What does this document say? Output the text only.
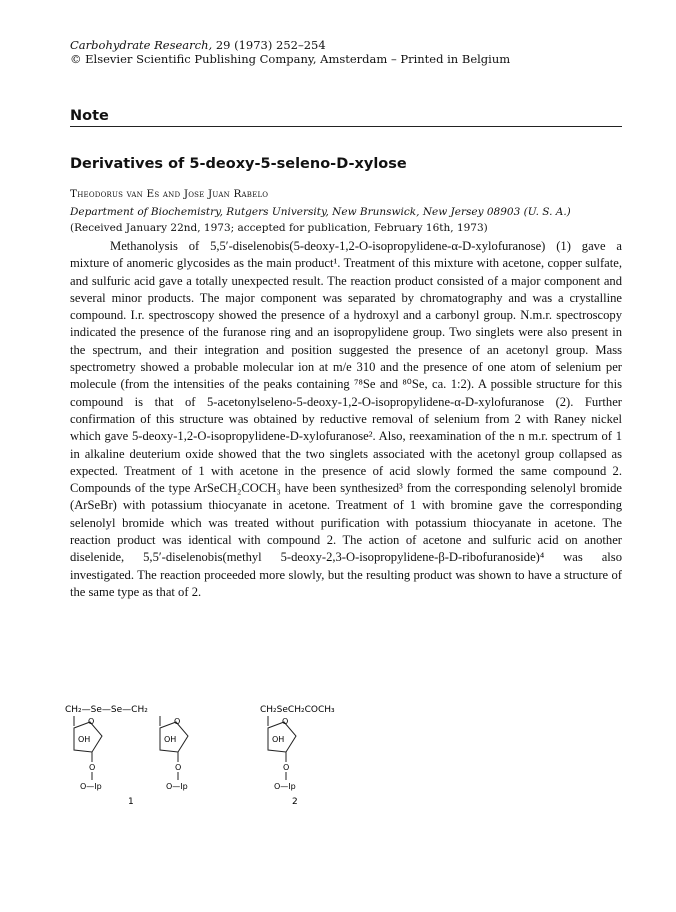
Carbohydrate Research, 29 (1973) 252–254
© Elsevier Scientific Publishing Company, Amsterdam – Printed in Belgium
Note
Derivatives of 5-deoxy-5-seleno-D-xylose
Theodorus van Es and Jose Juan Rabelo
Department of Biochemistry, Rutgers University, New Brunswick, New Jersey 08903 (U. S. A.)
(Received January 22nd, 1973; accepted for publication, February 16th, 1973)

Methanolysis of 5,5′-diselenobis(5-deoxy-1,2-O-isopropylidene-α-D-xylofuranose) (1) gave a mixture of anomeric glycosides as the main product¹. Treatment of this mixture with acetone, copper sulfate, and sulfuric acid gave a totally unexpected result. The reaction product consisted of a major component and several minor products. The major component was separated by chromatography and was a crystalline compound. I.r. spectroscopy showed the presence of a hydroxyl and a carbonyl group. N.m.r. spectroscopy indicated the presence of the furanose ring and an isopropylidene group. Two singlets were also present in the spectrum, and their integration and position suggested the presence of an acetonyl group. Mass spectrometry showed a probable molecular ion at m/e 310 and the presence of one atom of selenium per molecule (from the intensities of the peaks containing ⁷⁸Se and ⁸⁰Se, ca. 1:2). A possible structure for this compound is that of 5-acetonylseleno-5-deoxy-1,2-O-isopropylidene-α-D-xylofuranose (2). Further confirmation of this structure was obtained by reductive removal of selenium from 2 with Raney nickel which gave 5-deoxy-1,2-O-isopropylidene-D-xylofuranose². Also, reexamination of the n m.r. spectrum of 1 in alkaline deuterium oxide showed that the two singlets associated with the acetonyl group collapsed as expected. Treatment of 1 with acetone in the presence of acid slowly formed the same compound 2. Compounds of the type ArSeCH₂COCH₃ have been synthesized³ from the corresponding selenolyl bromide (ArSeBr) with potassium thiocyanate in acetone. Treatment of 1 with bromine gave the corresponding selenolyl bromide which was treated without purification with potassium thiocyanate in acetone. The reaction product was identical with compound 2. The action of acetone and sulfuric acid on another diselenide, 5,5′-diselenobis(methyl 5-deoxy-2,3-O-isopropylidene-β-D-ribofuranoside)⁴ was also investigated. The reaction proceeded more slowly, but the resulting product was shown to have a structure of the same type as that of 2.

CH₂—Se—Se—CH₂
O
OH
O
O—Ip
O
OH
O
O—Ip
1
CH₂SeCH₂COCH₃
O
OH
O
O—Ip
2
